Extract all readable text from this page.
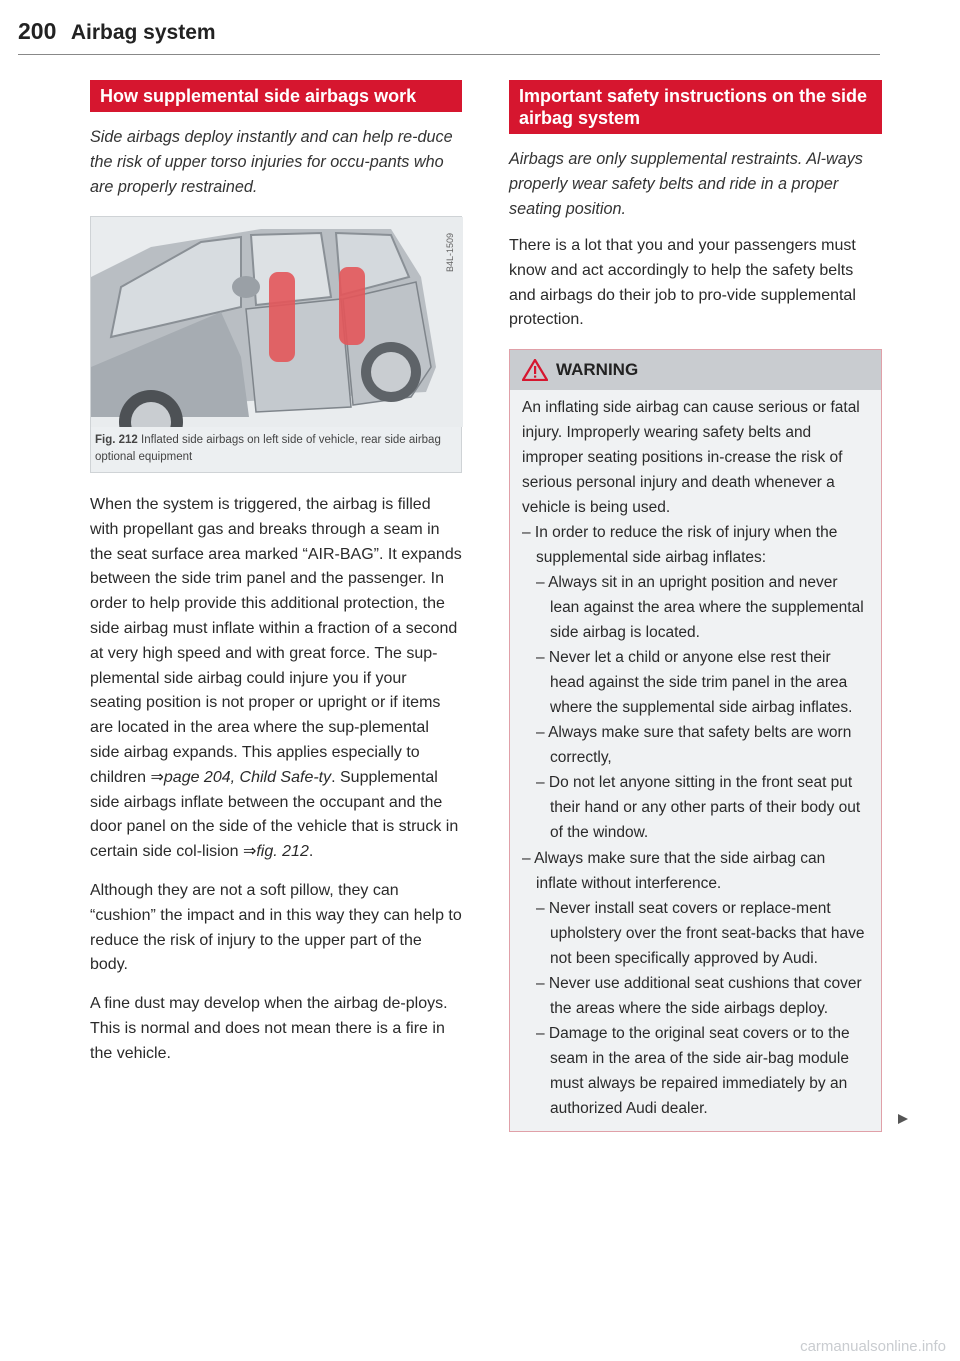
200 Airbag system
How supplemental side airbags work

Side airbags deploy instantly and can help re-duce the risk of upper torso injuries for occu-pants who are properly restrained.

B4L-1509
Fig. 212 Inflated side airbags on left side of vehicle, rear side airbag optional equipment

When the system is triggered, the airbag is filled with propellant gas and breaks through a seam in the seat surface area marked “AIR-BAG”. It expands between the side trim panel and the passenger. In order to help provide this additional protection, the side airbag must inflate within a fraction of a second at very high speed and with great force. The sup-plemental side airbag could injure you if your seating position is not proper or upright or if items are located in the area where the sup-plemental side airbag expands. This applies especially to children ⇒page 204, Child Safe-ty. Supplemental side airbags inflate between the occupant and the door panel on the side of the vehicle that is struck in certain side col-lision ⇒fig. 212.

Although they are not a soft pillow, they can “cushion” the impact and in this way they can help to reduce the risk of injury to the upper part of the body.

A fine dust may develop when the airbag de-ploys. This is normal and does not mean there is a fire in the vehicle.

Important safety instructions on the side airbag system

Airbags are only supplemental restraints. Al-ways properly wear safety belts and ride in a proper seating position.

There is a lot that you and your passengers must know and act accordingly to help the safety belts and airbags do their job to pro-vide supplemental protection.

WARNING

An inflating side airbag can cause serious or fatal injury. Improperly wearing safety belts and improper seating positions in-crease the risk of serious personal injury and death whenever a vehicle is being used.

– In order to reduce the risk of injury when the supplemental side airbag inflates:

– Always sit in an upright position and never lean against the area where the supplemental side airbag is located.

– Never let a child or anyone else rest their head against the side trim panel in the area where the supplemental side airbag inflates.

– Always make sure that safety belts are worn correctly,

– Do not let anyone sitting in the front seat put their hand or any other parts of their body out of the window.

– Always make sure that the side airbag can inflate without interference.

– Never install seat covers or replace-ment upholstery over the front seat-backs that have not been specifically approved by Audi.

– Never use additional seat cushions that cover the areas where the side airbags deploy.

– Damage to the original seat covers or to the seam in the area of the side air-bag module must always be repaired immediately by an authorized Audi dealer.

carmanualsonline.info
